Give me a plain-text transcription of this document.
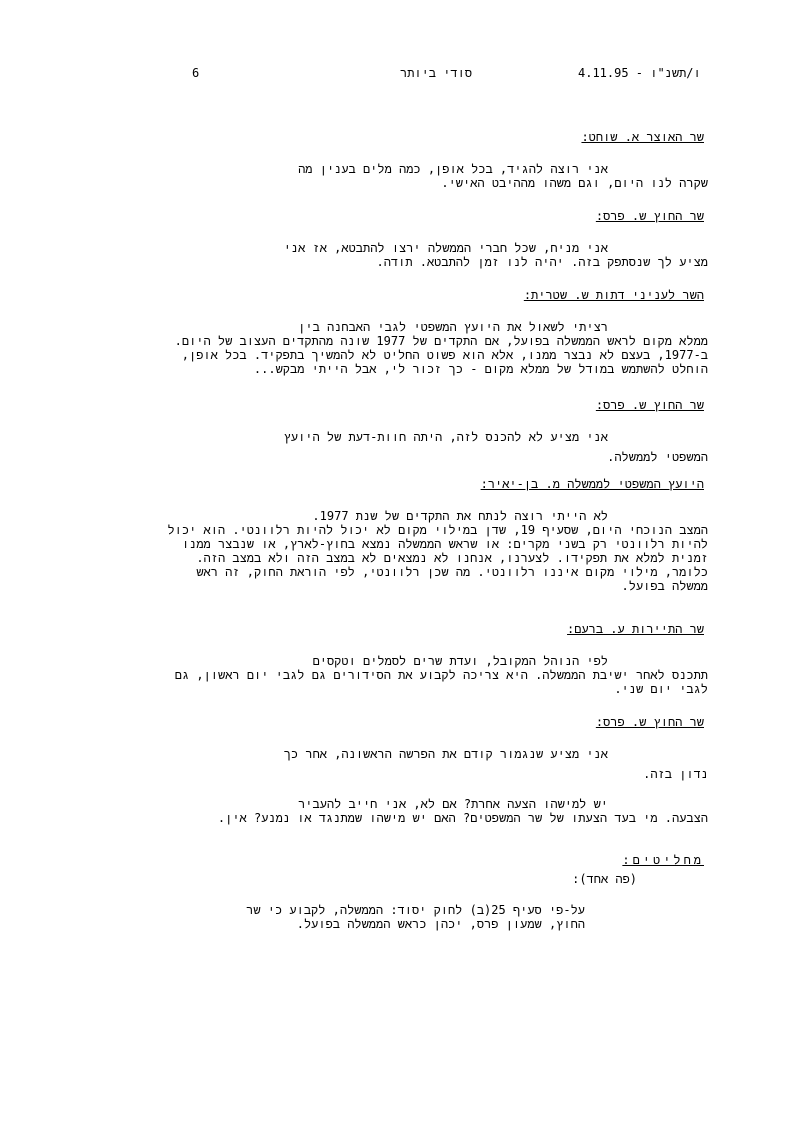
6	סודי ביותר	4.11.95 - ו/תשנ"ו
שר האוצר א. שוחט:
אני רוצה להגיד, בכל אופן, כמה מלים בענין מה
שקרה לנו היום, וגם משהו מההיבט האישי.
שר החוץ ש. פרס:
אני מניח, שכל חברי הממשלה ירצו להתבטא, אז אני
מציע לך שנסתפק בזה. יהיה לנו זמן להתבטא. תודה.
השר לעניני דתות ש. שטרית:
רציתי לשאול את היועץ המשפטי לגבי האבחנה בין
ממלא מקום לראש הממשלה בפועל, אם התקדים של 1977 שונה מהתקדים העצוב של היום.
ב-1977, בעצם לא נבצר ממנו, אלא הוא פשוט החליט לא להמשיך בתפקיד. בכל אופן,
הוחלט להשתמש במודל של ממלא מקום - כך זכור לי, אבל הייתי מבקש...
שר החוץ ש. פרס:
אני מציע לא להכנס לזה, היתה חוות-דעת של היועץ
המשפטי לממשלה.
היועץ המשפטי לממשלה מ. בן-יאיר:
לא הייתי רוצה לנתח את התקדים של שנת 1977.
המצב הנוכחי היום, שסעיף 19, שדן במילוי מקום לא יכול להיות רלוונטי. הוא יכול
להיות רלוונטי רק בשני מקרים: או שראש הממשלה נמצא בחוץ-לארץ, או שנבצר ממנו
זמנית למלא את תפקידו. לצערנו, אנחנו לא נמצאים לא במצב הזה ולא במצב הזה.
כלומר, מילוי מקום איננו רלוונטי. מה שכן רלוונטי, לפי הוראת החוק, זה ראש
ממשלה בפועל.
שר התיירות ע. ברעם:
לפי הנוהל המקובל, ועדת שרים לסמלים וטקסים
תתכנס לאחר ישיבת הממשלה. היא צריכה לקבוע את הסידורים גם לגבי יום ראשון, גם
לגבי יום שני.
שר החוץ ש. פרס:
אני מציע שנגמור קודם את הפרשה הראשונה, אחר כך
נדון בזה.
יש למישהו הצעה אחרת? אם לא, אני חייב להעביר
הצבעה. מי בעד הצעתו של שר המשפטים? האם יש מישהו שמתנגד או נמנע? אין.
מחליטים:
(פה אחד):
על-פי סעיף 25(ב) לחוק יסוד: הממשלה, לקבוע כי שר
החוץ, שמעון פרס, יכהן כראש הממשלה בפועל.
